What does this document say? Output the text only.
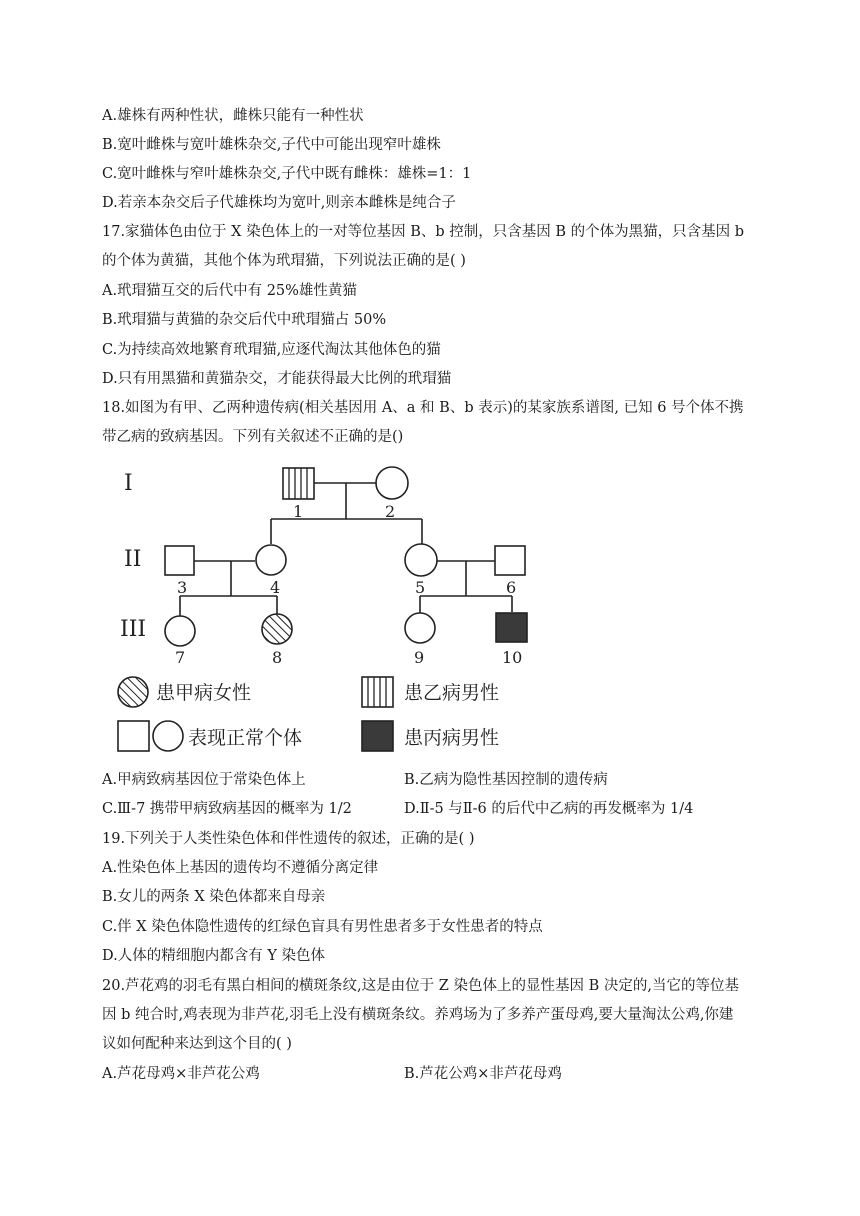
A.雄株有两种性状，雌株只能有一种性状
B.宽叶雌株与宽叶雄株杂交,子代中可能出现窄叶雄株
C.宽叶雌株与窄叶雄株杂交,子代中既有雌株：雄株=1：1
D.若亲本杂交后子代雄株均为宽叶,则亲本雌株是纯合子
17.家猫体色由位于 X 染色体上的一对等位基因 B、b 控制，只含基因 B 的个体为黑猫，只含基因 b
的个体为黄猫，其他个体为玳瑁猫，下列说法正确的是( )
A.玳瑁猫互交的后代中有 25%雄性黄猫
B.玳瑁猫与黄猫的杂交后代中玳瑁猫占 50%
C.为持续高效地繁育玳瑁猫,应逐代淘汰其他体色的猫
D.只有用黑猫和黄猫杂交，才能获得最大比例的玳瑁猫
18.如图为有甲、乙两种遗传病(相关基因用 A、a 和 B、b 表示)的某家族系谱图, 已知 6 号个体不携
带乙病的致病基因。下列有关叙述不正确的是()
I
II
III
1	2
3	4	5	6
7	8	9	10
患甲病女性	患乙病男性
表现正常个体	患丙病男性
A.甲病致病基因位于常染色体上	B.乙病为隐性基因控制的遗传病
C.Ⅲ-7 携带甲病致病基因的概率为 1/2	D.Ⅱ-5 与Ⅱ-6 的后代中乙病的再发概率为 1/4
19.下列关于人类性染色体和伴性遗传的叙述，正确的是( )
A.性染色体上基因的遗传均不遵循分离定律
B.女儿的两条 X 染色体都来自母亲
C.伴 X 染色体隐性遗传的红绿色盲具有男性患者多于女性患者的特点
D.人体的精细胞内都含有 Y 染色体
20.芦花鸡的羽毛有黑白相间的横斑条纹,这是由位于 Z 染色体上的显性基因 B 决定的,当它的等位基
因 b 纯合时,鸡表现为非芦花,羽毛上没有横斑条纹。养鸡场为了多养产蛋母鸡,要大量淘汰公鸡,你建
议如何配种来达到这个目的( )
A.芦花母鸡×非芦花公鸡	B.芦花公鸡×非芦花母鸡
